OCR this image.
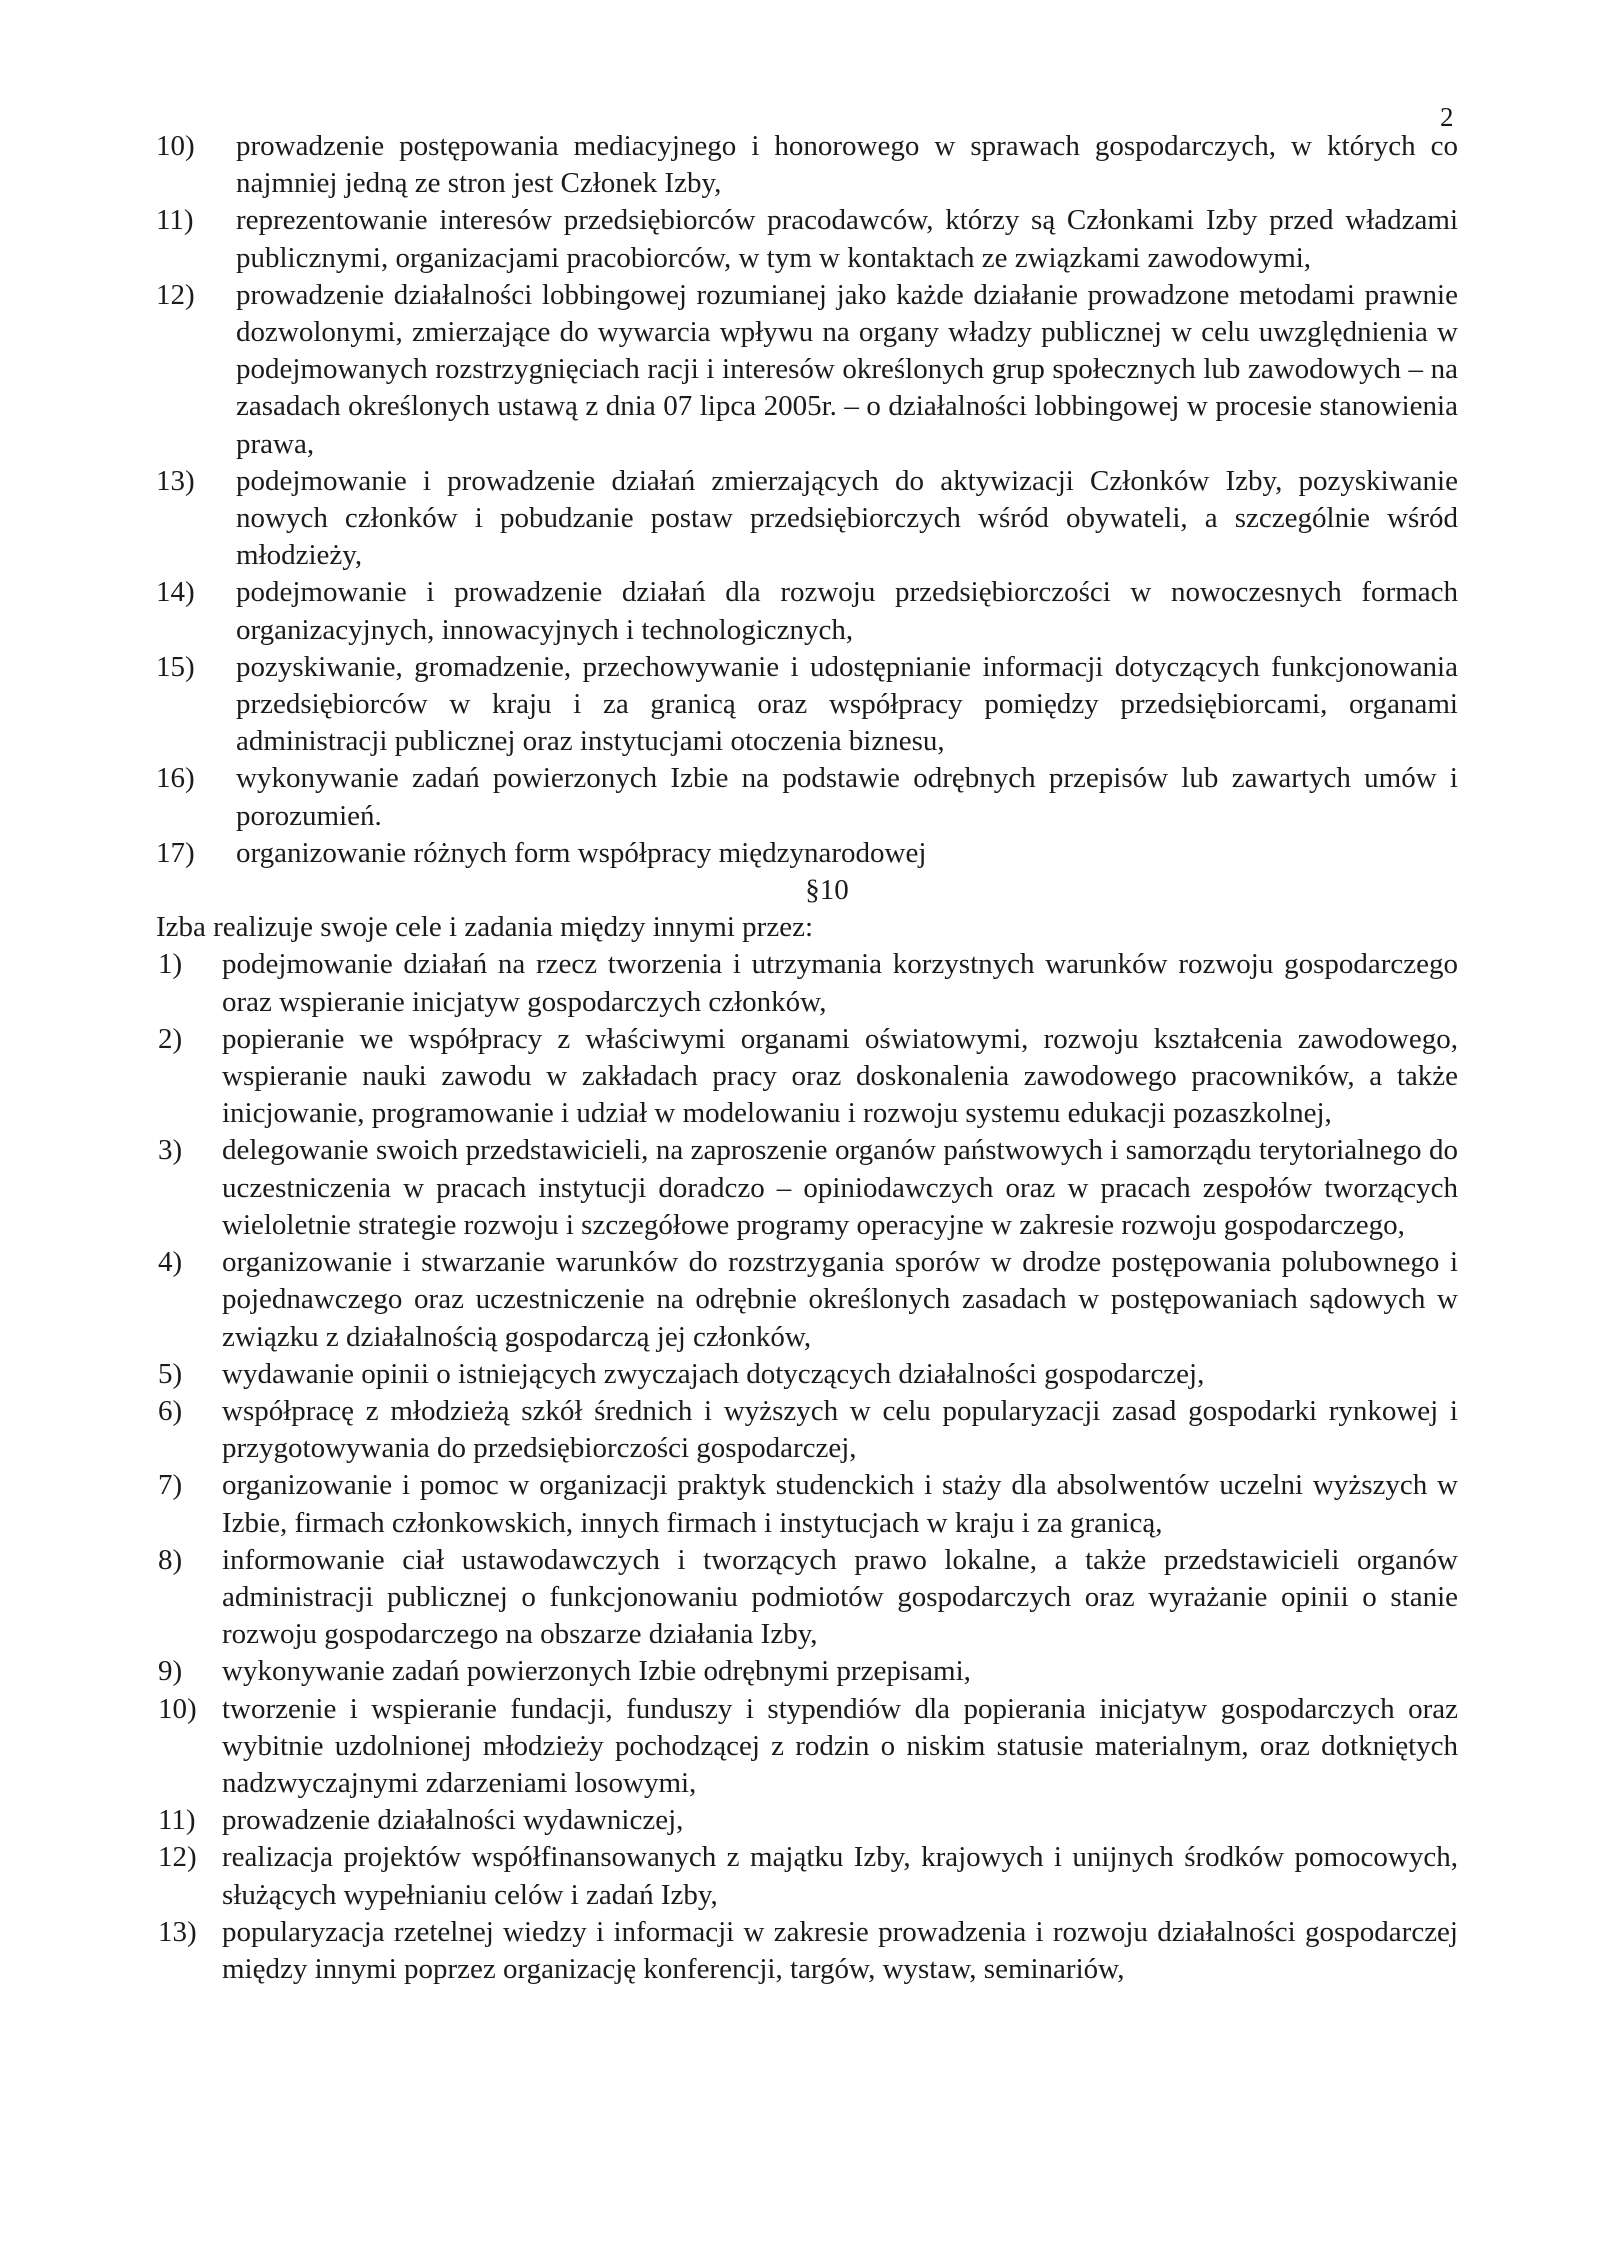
2
10)	prowadzenie postępowania mediacyjnego i honorowego w sprawach gospodarczych, w których co najmniej jedną ze stron jest Członek Izby,
11)	reprezentowanie interesów przedsiębiorców pracodawców, którzy są Członkami Izby przed władzami publicznymi, organizacjami pracobiorców, w tym w kontaktach ze związkami zawodowymi,
12)	prowadzenie działalności lobbingowej rozumianej jako każde działanie prowadzone metodami prawnie dozwolonymi, zmierzające do wywarcia wpływu na organy władzy publicznej w celu uwzględnienia w podejmowanych rozstrzygnięciach racji i interesów określonych grup społecznych lub zawodowych – na zasadach określonych ustawą z dnia 07 lipca 2005r. – o działalności lobbingowej w procesie stanowienia prawa,
13)	podejmowanie i prowadzenie działań zmierzających do aktywizacji Członków Izby, pozyskiwanie nowych członków i pobudzanie postaw przedsiębiorczych wśród obywateli, a szczególnie wśród młodzieży,
14)	podejmowanie i prowadzenie działań dla rozwoju przedsiębiorczości w nowoczesnych formach organizacyjnych, innowacyjnych i technologicznych,
15)	pozyskiwanie, gromadzenie, przechowywanie i udostępnianie informacji dotyczących funkcjonowania przedsiębiorców w kraju i za granicą oraz współpracy pomiędzy przedsiębiorcami, organami administracji publicznej oraz instytucjami otoczenia biznesu,
16)	wykonywanie zadań powierzonych Izbie na podstawie odrębnych przepisów lub zawartych umów i porozumień.
17)	organizowanie różnych form współpracy międzynarodowej

§10

Izba realizuje swoje cele i zadania między innymi przez:

1)	podejmowanie działań na rzecz tworzenia i utrzymania korzystnych warunków rozwoju gospodarczego oraz wspieranie inicjatyw gospodarczych członków,
2)	popieranie we współpracy z właściwymi organami oświatowymi, rozwoju kształcenia zawodowego, wspieranie nauki zawodu w zakładach pracy oraz doskonalenia zawodowego pracowników, a także inicjowanie, programowanie i udział w modelowaniu i rozwoju systemu edukacji pozaszkolnej,
3)	delegowanie swoich przedstawicieli, na zaproszenie organów państwowych i samorządu terytorialnego do uczestniczenia w pracach instytucji doradczo – opiniodawczych oraz w pracach zespołów tworzących wieloletnie strategie rozwoju i szczegółowe programy operacyjne w zakresie rozwoju gospodarczego,
4)	organizowanie i stwarzanie warunków do rozstrzygania sporów w drodze postępowania polubownego i pojednawczego oraz uczestniczenie na odrębnie określonych zasadach w postępowaniach sądowych w związku z działalnością gospodarczą jej członków,
5)	wydawanie opinii o istniejących zwyczajach dotyczących działalności gospodarczej,
6)	współpracę z młodzieżą szkół średnich i wyższych w celu popularyzacji zasad gospodarki rynkowej i przygotowywania do przedsiębiorczości gospodarczej,
7)	organizowanie i pomoc w organizacji praktyk studenckich i staży dla absolwentów uczelni wyższych w Izbie, firmach członkowskich, innych firmach i instytucjach w kraju i za granicą,
8)	informowanie ciał ustawodawczych i tworzących prawo lokalne, a także przedstawicieli organów administracji publicznej o funkcjonowaniu podmiotów gospodarczych oraz wyrażanie opinii o stanie rozwoju gospodarczego na obszarze działania Izby,
9)	wykonywanie zadań powierzonych Izbie odrębnymi przepisami,
10) tworzenie i wspieranie fundacji, funduszy i stypendiów dla popierania inicjatyw gospodarczych oraz wybitnie uzdolnionej młodzieży pochodzącej z rodzin o niskim statusie materialnym, oraz dotkniętych nadzwyczajnymi zdarzeniami losowymi,
11) prowadzenie działalności wydawniczej,
12) realizacja projektów współfinansowanych z majątku Izby, krajowych i unijnych środków pomocowych, służących wypełnianiu celów i zadań Izby,
13) popularyzacja rzetelnej wiedzy i informacji w zakresie prowadzenia i rozwoju działalności gospodarczej między innymi poprzez organizację konferencji, targów, wystaw, seminariów,
